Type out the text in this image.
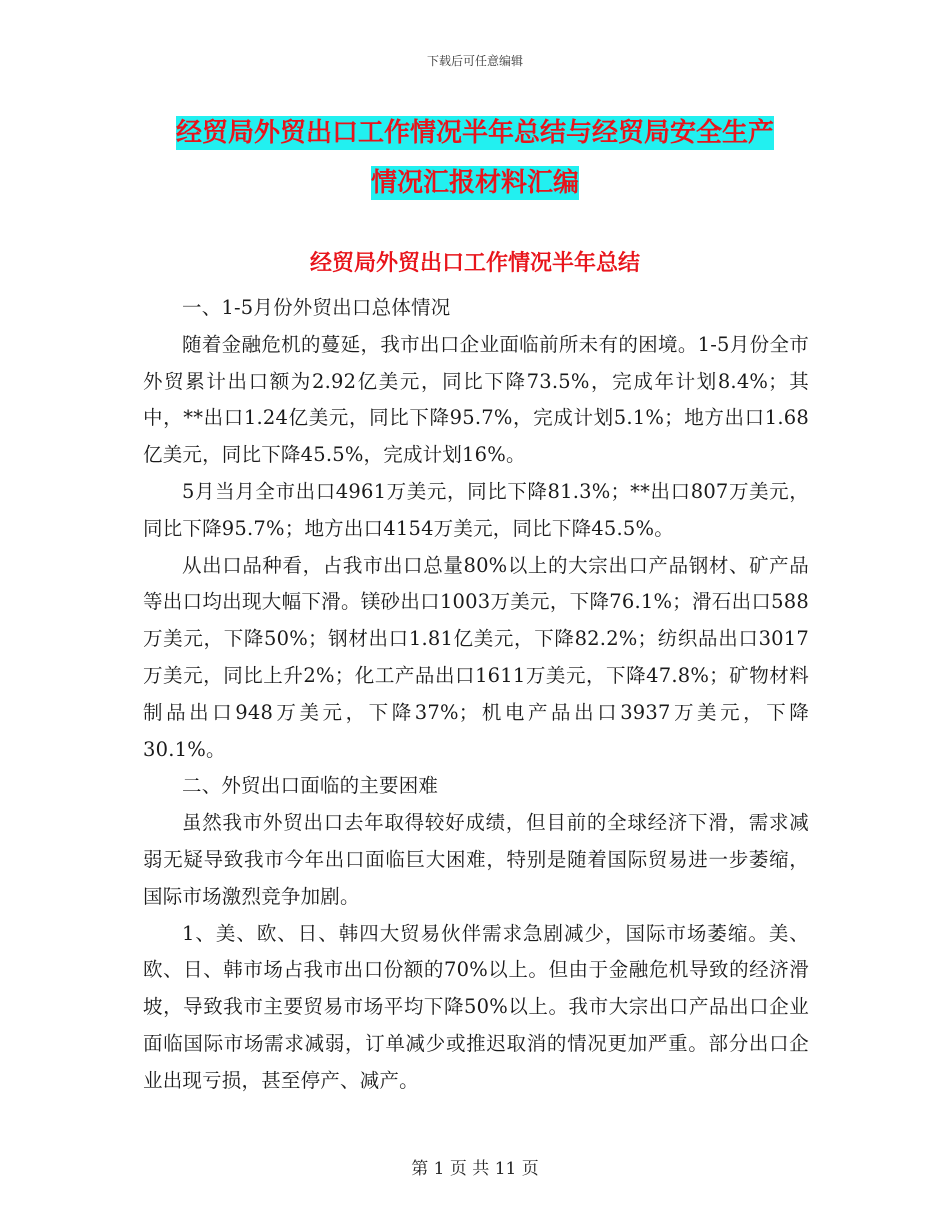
下载后可任意编辑
经贸局外贸出口工作情况半年总结与经贸局安全生产
情况汇报材料汇编
经贸局外贸出口工作情况半年总结

一、1-5月份外贸出口总体情况

随着金融危机的蔓延，我市出口企业面临前所未有的困境。1-5月份全市外贸累计出口额为2.92亿美元，同比下降73.5%，完成年计划8.4%；其中，**出口1.24亿美元，同比下降95.7%，完成计划5.1%；地方出口1.68亿美元，同比下降45.5%，完成计划16%。

5月当月全市出口4961万美元，同比下降81.3%；**出口807万美元，同比下降95.7%；地方出口4154万美元，同比下降45.5%。

从出口品种看，占我市出口总量80%以上的大宗出口产品钢材、矿产品等出口均出现大幅下滑。镁砂出口1003万美元，下降76.1%；滑石出口588万美元，下降50%；钢材出口1.81亿美元，下降82.2%；纺织品出口3017万美元，同比上升2%；化工产品出口1611万美元，下降47.8%；矿物材料制品出口948万美元，下降37%；机电产品出口3937万美元，下降30.1%。

二、外贸出口面临的主要困难

虽然我市外贸出口去年取得较好成绩，但目前的全球经济下滑，需求减弱无疑导致我市今年出口面临巨大困难，特别是随着国际贸易进一步萎缩，国际市场激烈竞争加剧。

1、美、欧、日、韩四大贸易伙伴需求急剧减少，国际市场萎缩。美、欧、日、韩市场占我市出口份额的70%以上。但由于金融危机导致的经济滑坡，导致我市主要贸易市场平均下降50%以上。我市大宗出口产品出口企业面临国际市场需求减弱，订单减少或推迟取消的情况更加严重。部分出口企业出现亏损，甚至停产、减产。

第 1 页 共 11 页
